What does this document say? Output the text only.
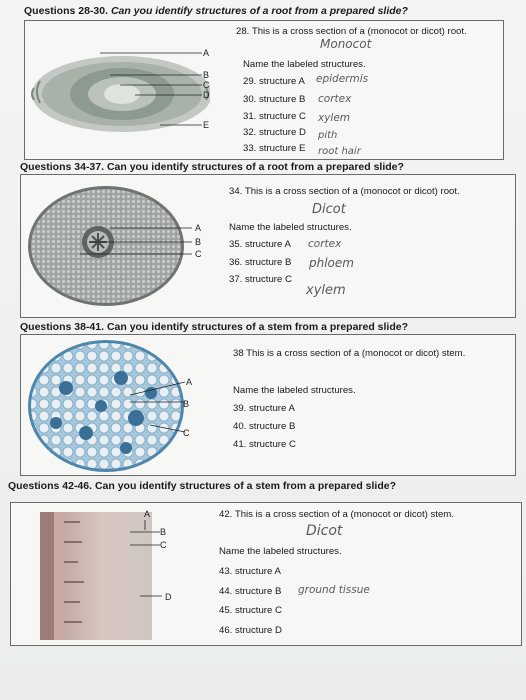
Questions 28-30. Can you identify structures of a root from a prepared slide?
A
B
C
D
E
28. This is a cross section of a (monocot or dicot) root.
Monocot
Name the labeled structures.
29. structure A epidermis
30. structure B cortex
31. structure C xylem
32. structure D pith
33. structure E root hair
Questions 34-37. Can you identify structures of a root from a prepared slide?
A
B
C
34. This is a cross section of a (monocot or dicot) root.
Dicot
Name the labeled structures.
35. structure A cortex
36. structure B phloem
37. structure C
xylem
Questions 38-41. Can you identify structures of a stem from a prepared slide?
A
B
C
38 This is a cross section of a (monocot or dicot) stem.
Name the labeled structures.
39. structure A
40. structure B
41. structure C
Questions 42-46. Can you identify structures of a stem from a prepared slide?
A
B
C
D
42. This is a cross section of a (monocot or dicot) stem.
Dicot
Name the labeled structures.
43. structure A
44. structure B ground tissue
45. structure C
46. structure D
